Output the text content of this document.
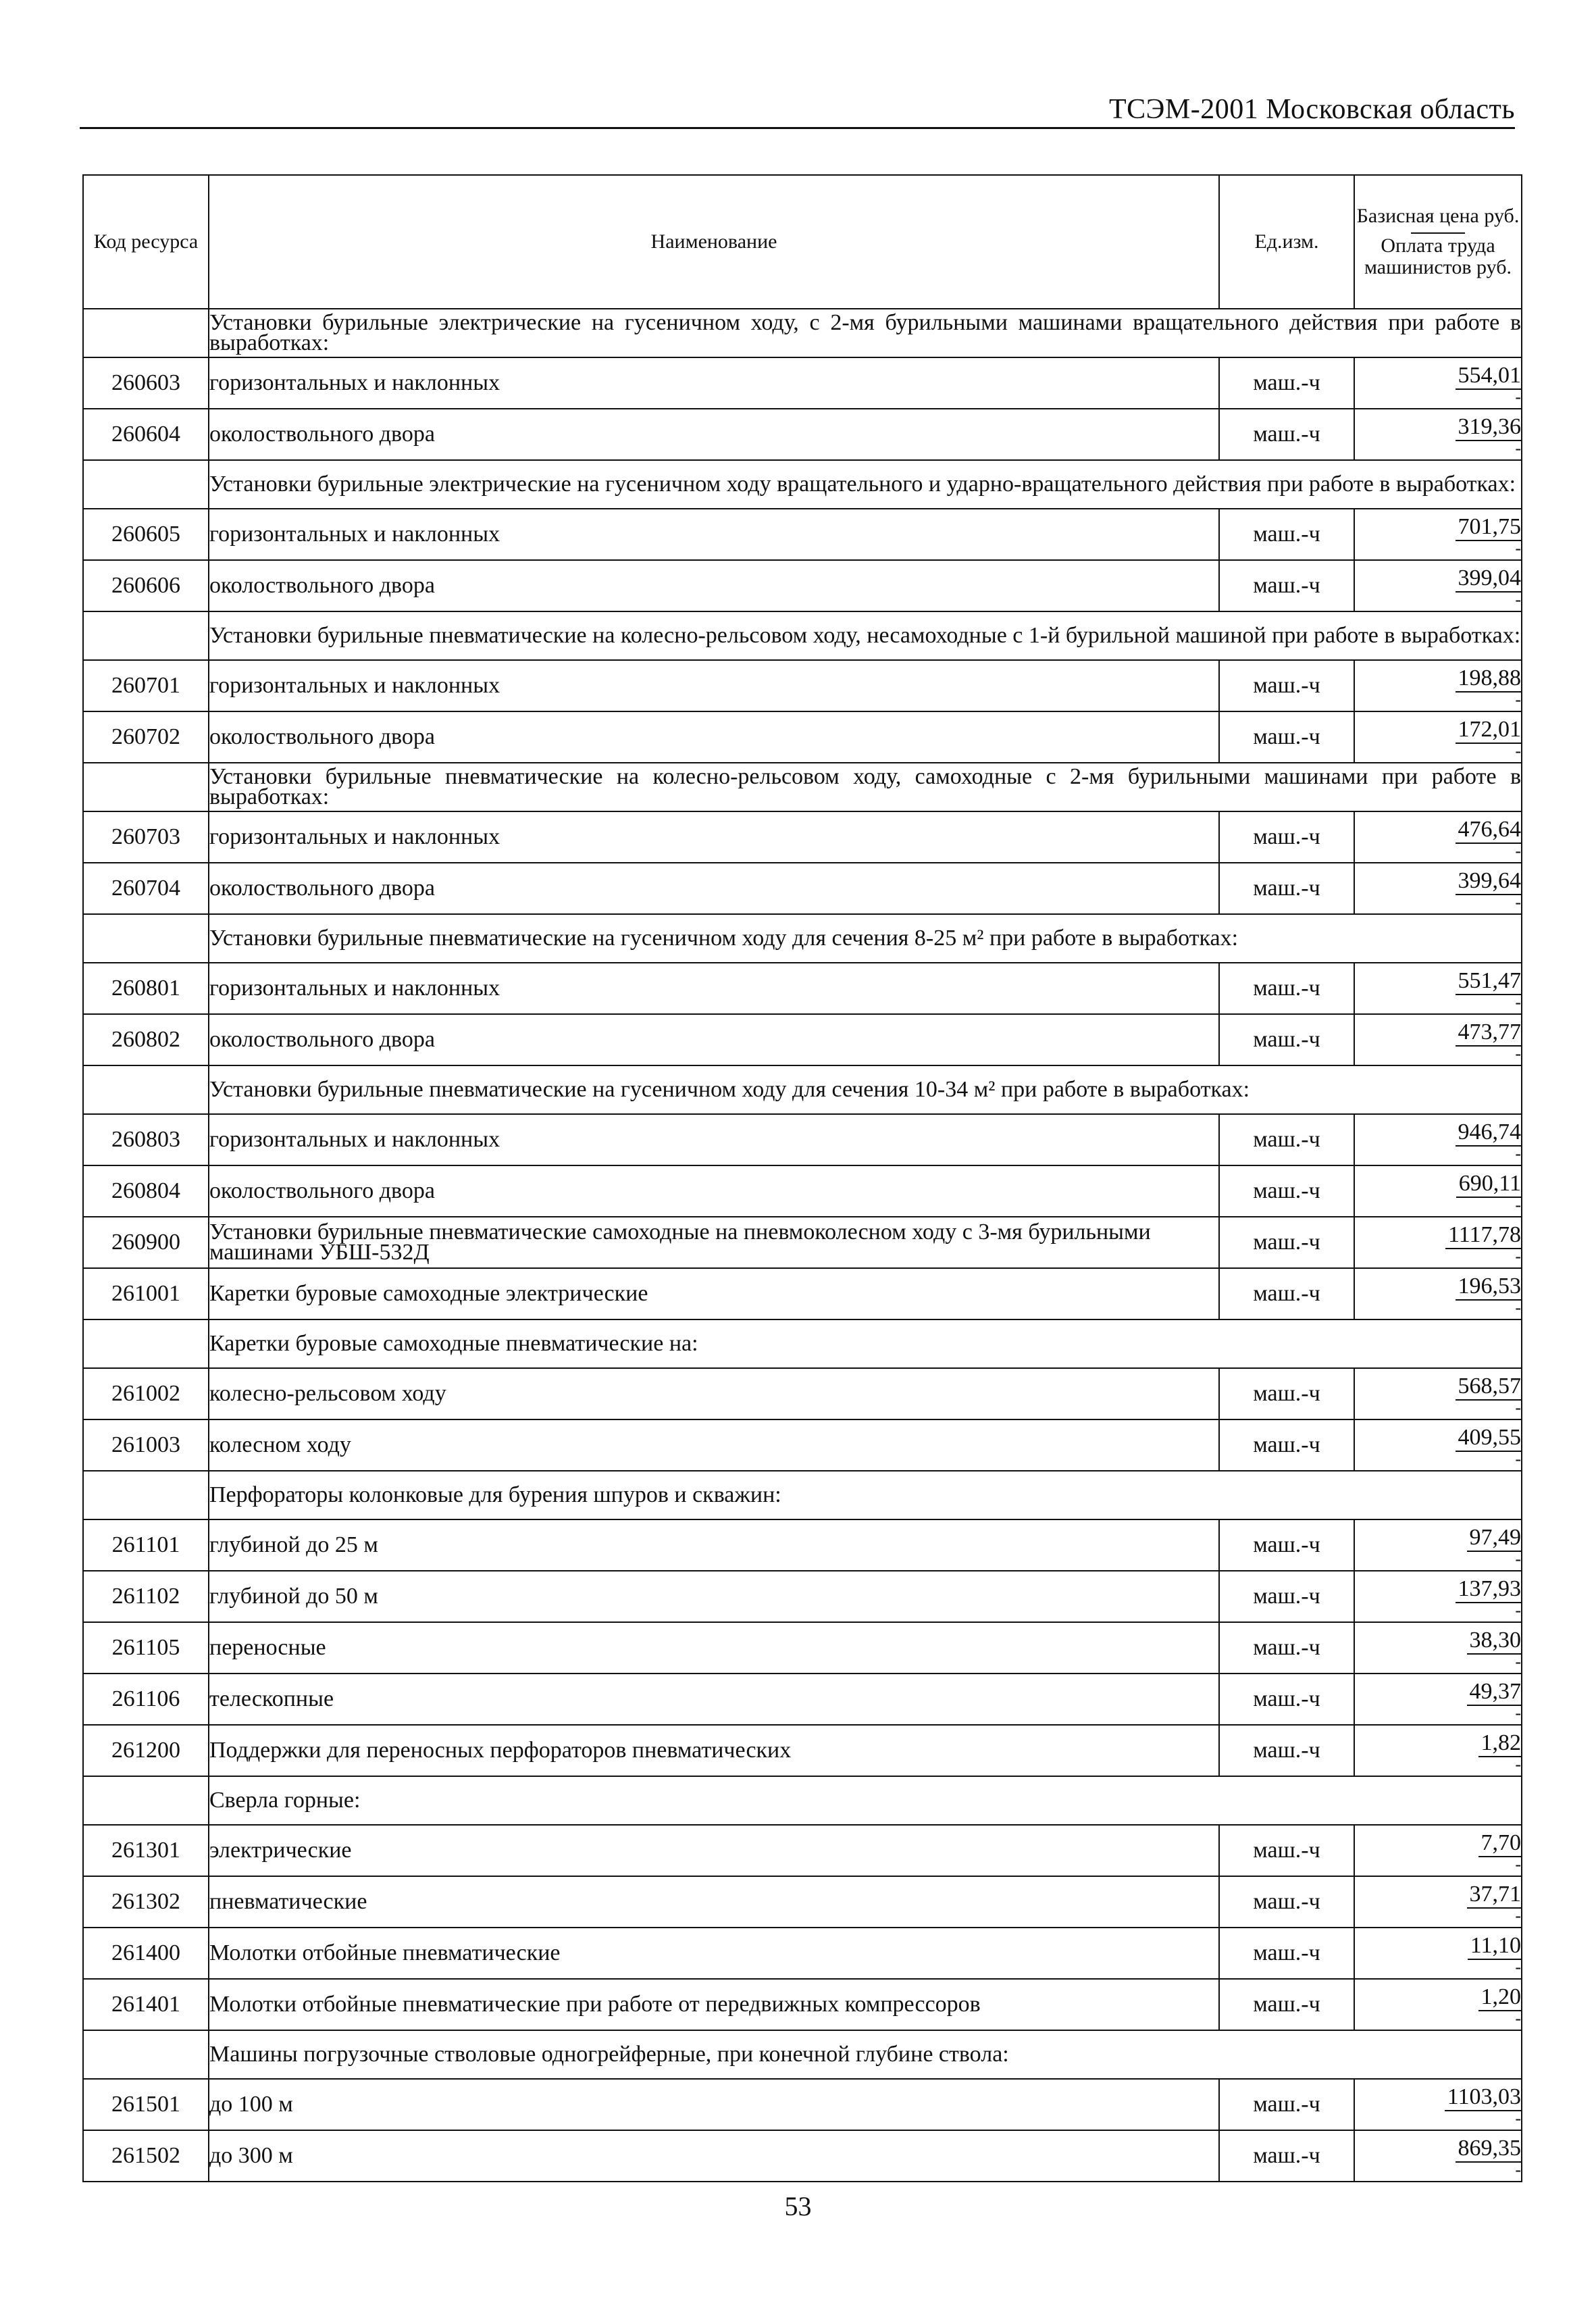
ТСЭМ-2001 Московская область
Код ресурса	Наименование	Ед.изм.	Базисная цена руб.
Оплата труда машинистов руб.

	Установки бурильные электрические на гусеничном ходу, с 2-мя бурильными машинами вращательного действия при работе в выработках:		
260603	горизонтальных и наклонных	маш.-ч	554,01
-

260604	околоствольного двора	маш.-ч	319,36
-

	Установки бурильные электрические на гусеничном ходу вращательного и ударно-вращательного действия при работе в выработках:		
260605	горизонтальных и наклонных	маш.-ч	701,75
-

260606	околоствольного двора	маш.-ч	399,04
-

	Установки бурильные пневматические на колесно-рельсовом ходу, несамоходные с 1-й бурильной машиной при работе в выработках:		
260701	горизонтальных и наклонных	маш.-ч	198,88
-

260702	околоствольного двора	маш.-ч	172,01
-

	Установки бурильные пневматические на колесно-рельсовом ходу, самоходные с 2-мя бурильными машинами при работе в выработках:		
260703	горизонтальных и наклонных	маш.-ч	476,64
-

260704	околоствольного двора	маш.-ч	399,64
-

	Установки бурильные пневматические на гусеничном ходу для сечения 8-25 м² при работе в выработках:		
260801	горизонтальных и наклонных	маш.-ч	551,47
-

260802	околоствольного двора	маш.-ч	473,77
-

	Установки бурильные пневматические на гусеничном ходу для сечения 10-34 м² при работе в выработках:		
260803	горизонтальных и наклонных	маш.-ч	946,74
-

260804	околоствольного двора	маш.-ч	690,11
-

260900	Установки бурильные пневматические самоходные на пневмоколесном ходу с 3-мя бурильными машинами УБШ-532Д	маш.-ч	1117,78
-

261001	Каретки буровые самоходные электрические	маш.-ч	196,53
-

	Каретки буровые самоходные пневматические на:		
261002	колесно-рельсовом ходу	маш.-ч	568,57
-

261003	колесном ходу	маш.-ч	409,55
-

	Перфораторы колонковые для бурения шпуров и скважин:		
261101	глубиной до 25 м	маш.-ч	97,49
-

261102	глубиной до 50 м	маш.-ч	137,93
-

261105	переносные	маш.-ч	38,30
-

261106	телескопные	маш.-ч	49,37
-

261200	Поддержки для переносных перфораторов пневматических	маш.-ч	1,82
-

	Сверла горные:		
261301	электрические	маш.-ч	7,70
-

261302	пневматические	маш.-ч	37,71
-

261400	Молотки отбойные пневматические	маш.-ч	11,10
-

261401	Молотки отбойные пневматические при работе от передвижных компрессоров	маш.-ч	1,20
-

	Машины погрузочные стволовые одногрейферные, при конечной глубине ствола:		
261501	до 100 м	маш.-ч	1103,03
-

261502	до 300 м	маш.-ч	869,35
-
53
